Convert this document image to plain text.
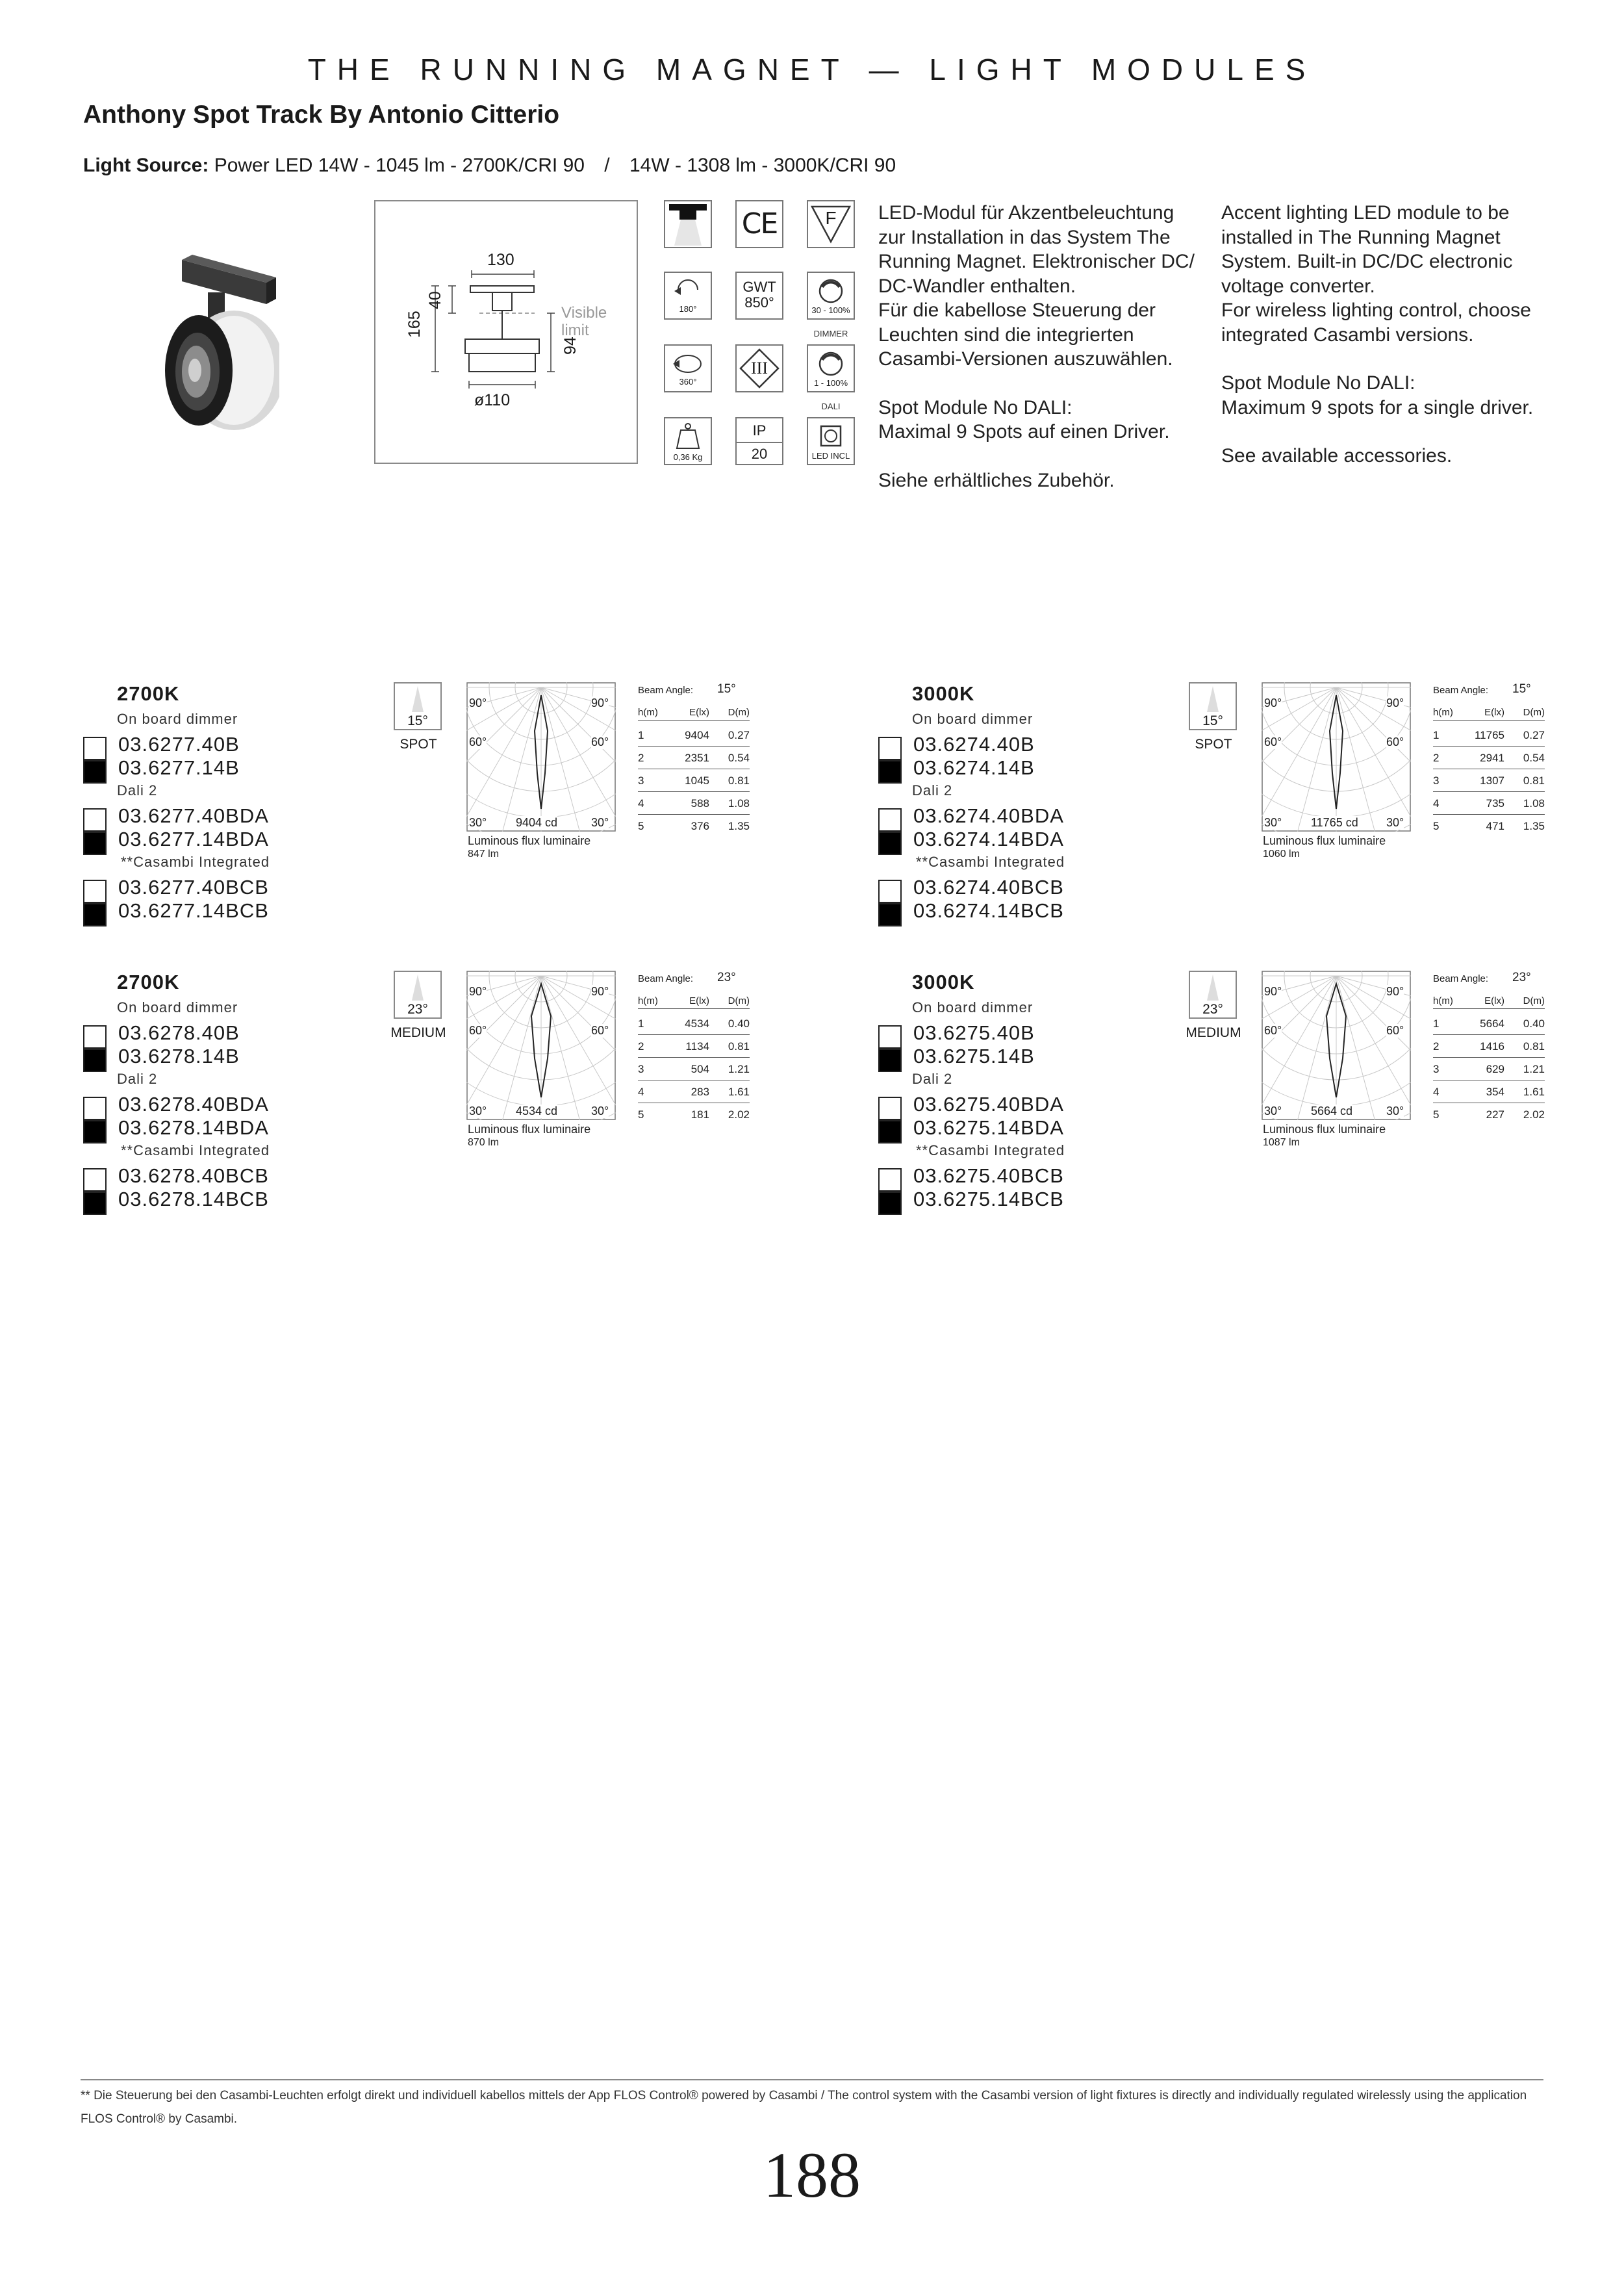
THE RUNNING MAGNET — LIGHT MODULES
Anthony Spot Track By Antonio Citterio
Light Source: Power LED 14W - 1045 lm - 2700K/CRI 90 / 14W - 1308 lm - 3000K/CRI 90
130
165
40
94
ø110
Visible
limit
CE	F
180°
GWT
850°	30 - 100%
DIMMER
360°
III
1 - 100%
DALI
0,36 Kg
IP
20	LED INCL

LED-Modul für Akzentbeleuchtung
zur Installation in das System The
Running Magnet. Elektronischer DC/
DC-Wandler enthalten.
Für die kabellose Steuerung der
Leuchten sind die integrierten
Casambi-Versionen auszuwählen.

Spot Module No DALI:
Maximal 9 Spots auf einen Driver.

Siehe erhältliches Zubehör.

Accent lighting LED module to be
installed in The Running Magnet
System. Built-in DC/DC electronic
voltage converter.
For wireless lighting control, choose
integrated Casambi versions.

Spot Module No DALI:
Maximum 9 spots for a single driver.

See available accessories.

2700K
On board dimmer
03.6277.40B
03.6277.14B
03.6277.40BDA
03.6277.14BDA
03.6277.40BCB
03.6277.14BCB
Dali 2
**Casambi Integrated
15°
SPOT
90°	90°
60°	60°
30°	30°
9404 cd
Luminous flux luminaire
847 lm
Beam Angle: 15°
h(m)	E(lx)	D(m)
1	9404	0.27
2	2351	0.54
3	1045	0.81
4	588	1.08
5	376	1.35
3000K
On board dimmer
03.6274.40B
03.6274.14B
03.6274.40BDA
03.6274.14BDA
03.6274.40BCB
03.6274.14BCB
Dali 2
**Casambi Integrated
15°
SPOT
90°	90°
60°	60°
30°	30°
11765 cd
Luminous flux luminaire
1060 lm
Beam Angle: 15°
h(m)	E(lx)	D(m)
1	11765	0.27
2	2941	0.54
3	1307	0.81
4	735	1.08
5	471	1.35
2700K
On board dimmer
03.6278.40B
03.6278.14B
03.6278.40BDA
03.6278.14BDA
03.6278.40BCB
03.6278.14BCB
Dali 2
**Casambi Integrated
23°
MEDIUM
90°	90°
60°	60°
30°	30°
4534 cd
Luminous flux luminaire
870 lm
Beam Angle: 23°
h(m)	E(lx)	D(m)
1	4534	0.40
2	1134	0.81
3	504	1.21
4	283	1.61
5	181	2.02
3000K
On board dimmer
03.6275.40B
03.6275.14B
03.6275.40BDA
03.6275.14BDA
03.6275.40BCB
03.6275.14BCB
Dali 2
**Casambi Integrated
23°
MEDIUM
90°	90°
60°	60°
30°	30°
5664 cd
Luminous flux luminaire
1087 lm
Beam Angle: 23°
h(m)	E(lx)	D(m)
1	5664	0.40
2	1416	0.81
3	629	1.21
4	354	1.61
5	227	2.02
** Die Steuerung bei den Casambi-Leuchten erfolgt direkt und individuell kabellos mittels der App FLOS Control® powered by Casambi / The control system with the Casambi version of light fixtures is directly and individually regulated wirelessly using the application FLOS Control® by Casambi.
188
